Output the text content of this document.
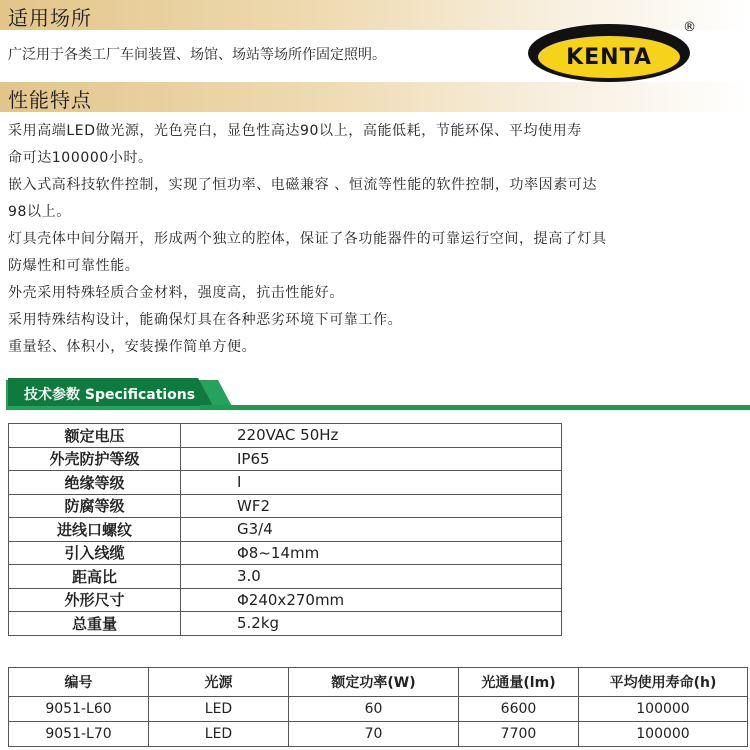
适用场所
广泛用于各类工厂车间装置、场馆、场站等场所作固定照明。	KENTA
®
性能特点

采用高端LED做光源，光色亮白，显色性高达90以上，高能低耗，节能环保、平均使用寿

命可达100000小时。

嵌入式高科技软件控制，实现了恒功率、电磁兼容 、恒流等性能的软件控制，功率因素可达

98以上。

灯具壳体中间分隔开，形成两个独立的腔体，保证了各功能器件的可靠运行空间，提高了灯具

防爆性和可靠性能。

外壳采用特殊轻质合金材料，强度高，抗击性能好。

采用特殊结构设计，能确保灯具在各种恶劣环境下可靠工作。

重量轻、体积小，安装操作简单方便。

技术参数 Specifications
额定电压	220VAC 50Hz
外壳防护等级	IP65
绝缘等级	I
防腐等级	WF2
进线口螺纹	G3/4
引入线缆	Φ8~14mm
距高比	3.0
外形尺寸	Φ240x270mm
总重量	5.2kg
编号	光源	额定功率(W)	光通量(lm)	平均使用寿命(h)
9051-L60	LED	60	6600	100000
9051-L70	LED	70	7700	100000
